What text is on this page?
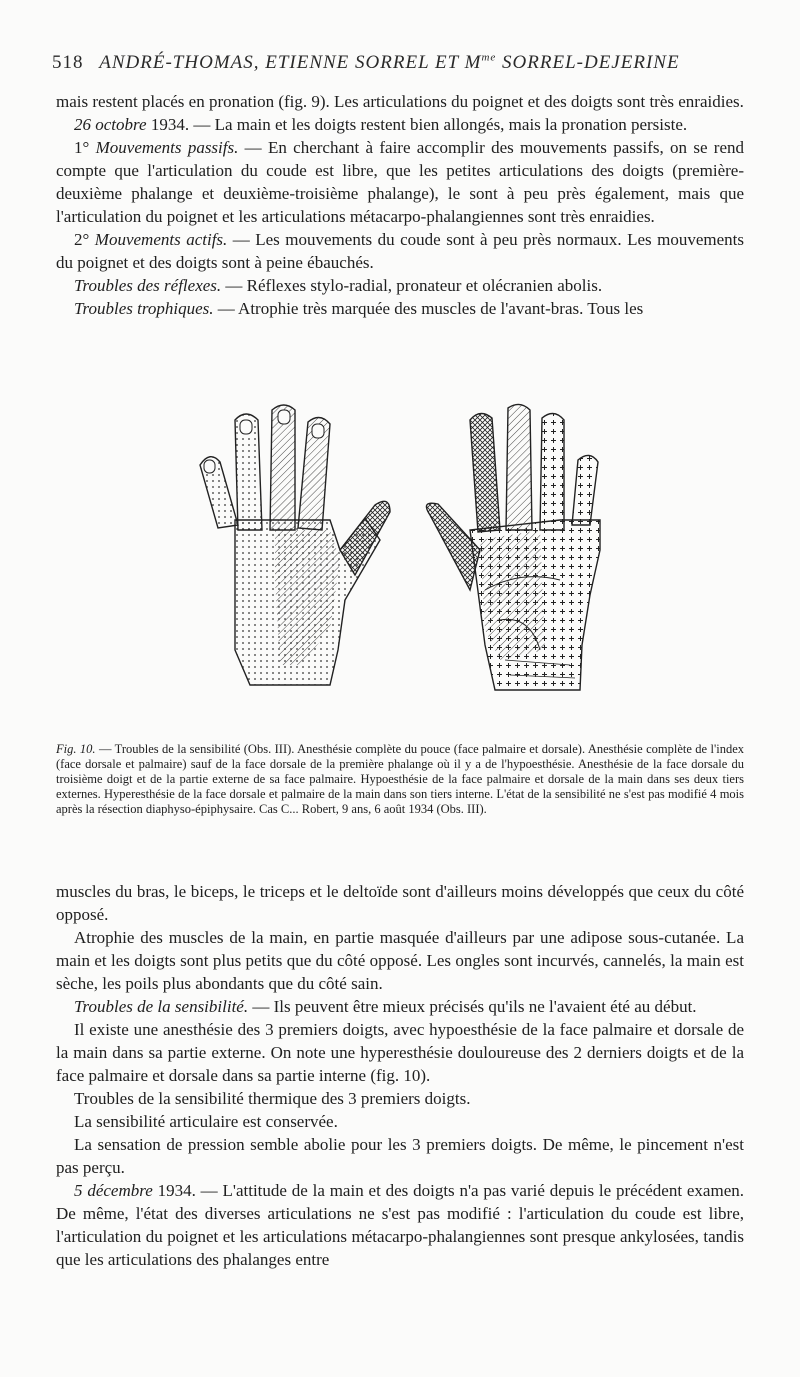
518 ANDRÉ-THOMAS, ETIENNE SORREL ET $M^{me}$ SORREL-DEJERINE

mais restent placés en pronation (fig. 9). Les articulations du poignet et des doigts sont très enraidies.

26 octobre 1934. — La main et les doigts restent bien allongés, mais la pronation persiste.

1° Mouvements passifs. — En cherchant à faire accomplir des mouvements passifs, on se rend compte que l'articulation du coude est libre, que les petites articulations des doigts (première-deuxième phalange et deuxième-troisième phalange), le sont à peu près également, mais que l'articulation du poignet et les articulations métacarpo-phalangiennes sont très enraidies.

2° Mouvements actifs. — Les mouvements du coude sont à peu près normaux. Les mouvements du poignet et des doigts sont à peine ébauchés.

Troubles des réflexes. — Réflexes stylo-radial, pronateur et olécranien abolis.

Troubles trophiques. — Atrophie très marquée des muscles de l'avant-bras. Tous les

Fig. 10. — Troubles de la sensibilité (Obs. III). Anesthésie complète du pouce (face palmaire et dorsale). Anesthésie complète de l'index (face dorsale et palmaire) sauf de la face dorsale de la première phalange où il y a de l'hypoesthésie. Anesthésie de la face dorsale du troisième doigt et de la partie externe de sa face palmaire. Hypoesthésie de la face palmaire et dorsale de la main dans ses deux tiers externes. Hyperesthésie de la face dorsale et palmaire de la main dans son tiers interne. L'état de la sensibilité ne s'est pas modifié 4 mois après la résection diaphyso-épiphysaire. Cas C... Robert, 9 ans, 6 août 1934 (Obs. III).

muscles du bras, le biceps, le triceps et le deltoïde sont d'ailleurs moins développés que ceux du côté opposé.

Atrophie des muscles de la main, en partie masquée d'ailleurs par une adipose sous-cutanée. La main et les doigts sont plus petits que du côté opposé. Les ongles sont incurvés, cannelés, la main est sèche, les poils plus abondants que du côté sain.

Troubles de la sensibilité. — Ils peuvent être mieux précisés qu'ils ne l'avaient été au début.

Il existe une anesthésie des 3 premiers doigts, avec hypoesthésie de la face palmaire et dorsale de la main dans sa partie externe. On note une hyperesthésie douloureuse des 2 derniers doigts et de la face palmaire et dorsale dans sa partie interne (fig. 10).

Troubles de la sensibilité thermique des 3 premiers doigts.

La sensibilité articulaire est conservée.

La sensation de pression semble abolie pour les 3 premiers doigts. De même, le pincement n'est pas perçu.

5 décembre 1934. — L'attitude de la main et des doigts n'a pas varié depuis le précédent examen. De même, l'état des diverses articulations ne s'est pas modifié : l'articulation du coude est libre, l'articulation du poignet et les articulations métacarpo-phalangiennes sont presque ankylosées, tandis que les articulations des phalanges entre
